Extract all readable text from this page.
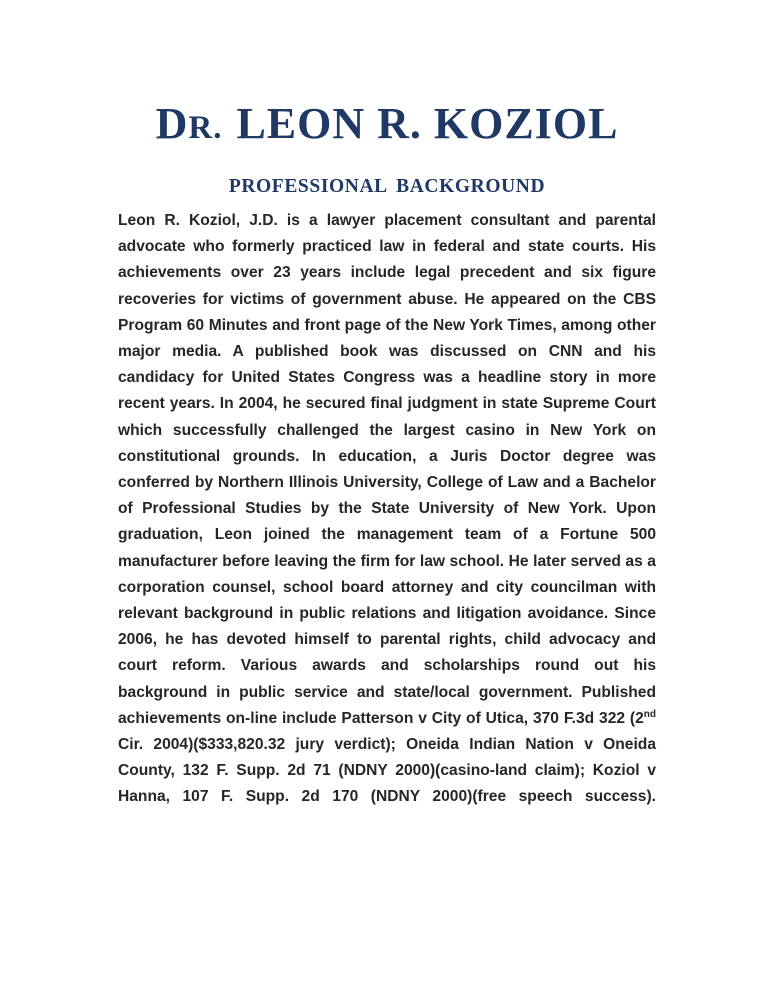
DR. LEON R. KOZIOL
PROFESSIONAL BACKGROUND

Leon R. Koziol, J.D. is a lawyer placement consultant and parental advocate who formerly practiced law in federal and state courts. His achievements over 23 years include legal precedent and six figure recoveries for victims of government abuse. He appeared on the CBS Program 60 Minutes and front page of the New York Times, among other major media. A published book was discussed on CNN and his candidacy for United States Congress was a headline story in more recent years. In 2004, he secured final judgment in state Supreme Court which successfully challenged the largest casino in New York on constitutional grounds. In education, a Juris Doctor degree was conferred by Northern Illinois University, College of Law and a Bachelor of Professional Studies by the State University of New York. Upon graduation, Leon joined the management team of a Fortune 500 manufacturer before leaving the firm for law school. He later served as a corporation counsel, school board attorney and city councilman with relevant background in public relations and litigation avoidance. Since 2006, he has devoted himself to parental rights, child advocacy and court reform. Various awards and scholarships round out his background in public service and state/local government. Published achievements on-line include Patterson v City of Utica, 370 F.3d 322 (2nd Cir. 2004)($333,820.32 jury verdict); Oneida Indian Nation v Oneida County, 132 F. Supp. 2d 71 (NDNY 2000)(casino-land claim); Koziol v Hanna, 107 F. Supp. 2d 170 (NDNY 2000)(free speech success).
